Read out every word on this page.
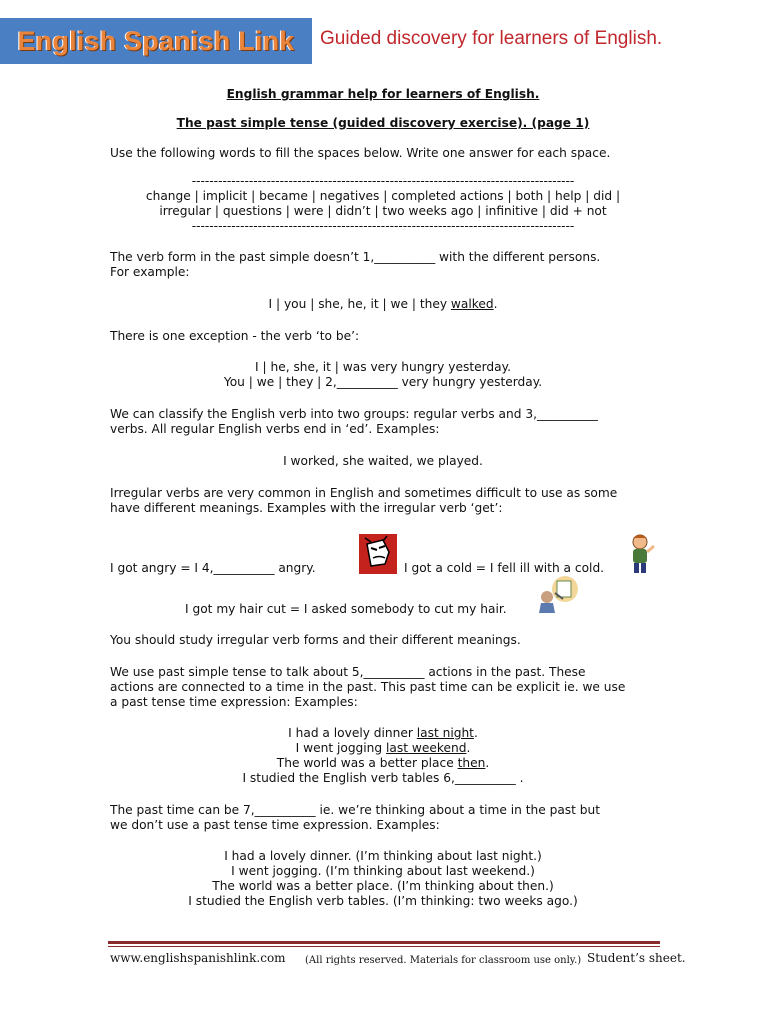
English Spanish Link Guided discovery for learners of English.
English grammar help for learners of English.
The past simple tense (guided discovery exercise). (page 1)
Use the following words to fill the spaces below. Write one answer for each space.
---------------------------------------------------------------------------------------
change | implicit | became | negatives | completed actions | both | help | did |
irregular | questions | were | didn’t | two weeks ago | infinitive | did + not
---------------------------------------------------------------------------------------
The verb form in the past simple doesn’t 1,__________ with the different persons.
For example:
I | you | she, he, it | we | they walked.
There is one exception - the verb ‘to be’:
I | he, she, it | was very hungry yesterday.
You | we | they | 2,__________ very hungry yesterday.
We can classify the English verb into two groups: regular verbs and 3,__________
verbs. All regular English verbs end in ‘ed’. Examples:
I worked, she waited, we played.
Irregular verbs are very common in English and sometimes difficult to use as some
have different meanings. Examples with the irregular verb ‘get’:
I got angry = I 4,__________ angry.	I got a cold = I fell ill with a cold.
I got my hair cut = I asked somebody to cut my hair.
You should study irregular verb forms and their different meanings.
We use past simple tense to talk about 5,__________ actions in the past. These
actions are connected to a time in the past. This past time can be explicit ie. we use
a past tense time expression: Examples:
I had a lovely dinner last night.
I went jogging last weekend.
The world was a better place then.
I studied the English verb tables 6,__________ .
The past time can be 7,__________ ie. we’re thinking about a time in the past but
we don’t use a past tense time expression. Examples:
I had a lovely dinner. (I’m thinking about last night.)
I went jogging. (I’m thinking about last weekend.)
The world was a better place. (I’m thinking about then.)
I studied the English verb tables. (I’m thinking: two weeks ago.)
www.englishspanishlink.com (All rights reserved. Materials for classroom use only.) Student’s sheet.
